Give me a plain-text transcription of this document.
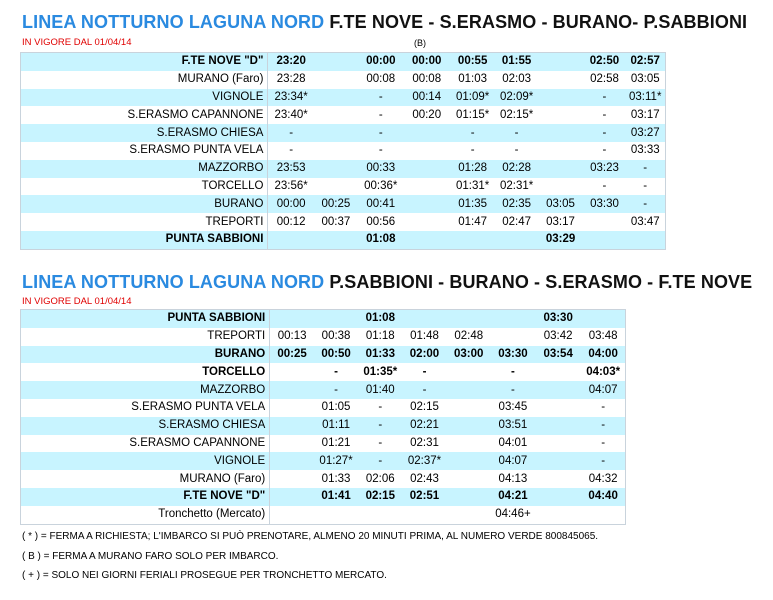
LINEA NOTTURNO LAGUNA NORD F.TE NOVE - S.ERASMO - BURANO- P.SABBIONI
IN VIGORE DAL 01/04/14	(B)
F.TE NOVE "D"	23:20		00:00	00:00	00:55	01:55		02:50	02:57
MURANO (Faro)	23:28		00:08	00:08	01:03	02:03		02:58	03:05
VIGNOLE	23:34*		-	00:14	01:09*	02:09*		-	03:11*
S.ERASMO CAPANNONE	23:40*		-	00:20	01:15*	02:15*		-	03:17
S.ERASMO CHIESA	-		-		-	-		-	03:27
S.ERASMO PUNTA VELA	-		-		-	-		-	03:33
MAZZORBO	23:53		00:33		01:28	02:28		03:23	-
TORCELLO	23:56*		00:36*		01:31*	02:31*		-	-
BURANO	00:00	00:25	00:41		01:35	02:35	03:05	03:30	-
TREPORTI	00:12	00:37	00:56		01:47	02:47	03:17		03:47
PUNTA SABBIONI			01:08				03:29		
LINEA NOTTURNO LAGUNA NORD P.SABBIONI - BURANO - S.ERASMO - F.TE NOVE
IN VIGORE DAL 01/04/14
PUNTA SABBIONI			01:08				03:30	
TREPORTI	00:13	00:38	01:18	01:48	02:48		03:42	03:48
BURANO	00:25	00:50	01:33	02:00	03:00	03:30	03:54	04:00
TORCELLO		-	01:35*	-		-		04:03*
MAZZORBO		-	01:40	-		-		04:07
S.ERASMO PUNTA VELA		01:05	-	02:15		03:45		-
S.ERASMO CHIESA		01:11	-	02:21		03:51		-
S.ERASMO CAPANNONE		01:21	-	02:31		04:01		-
VIGNOLE		01:27*	-	02:37*		04:07		-
MURANO (Faro)		01:33	02:06	02:43		04:13		04:32
F.TE NOVE "D"		01:41	02:15	02:51		04:21		04:40
Tronchetto (Mercato)						04:46+		
( * ) = FERMA A RICHIESTA; L'IMBARCO SI PUÒ PRENOTARE, ALMENO 20 MINUTI PRIMA, AL NUMERO VERDE 800845065.
( B ) = FERMA A MURANO FARO SOLO PER IMBARCO.
( + ) = SOLO NEI GIORNI FERIALI PROSEGUE PER TRONCHETTO MERCATO.
